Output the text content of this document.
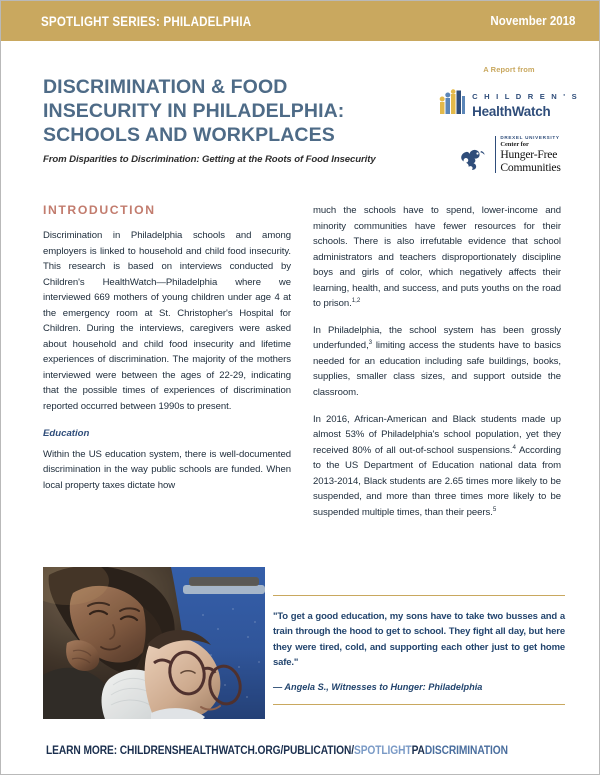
SPOTLIGHT SERIES: PHILADELPHIA	November 2018
DISCRIMINATION & FOOD INSECURITY IN PHILADELPHIA: SCHOOLS AND WORKPLACES
From Disparities to Discrimination: Getting at the Roots of Food Insecurity
A Report from
C H I L D R E N ' S
HealthWatch
DREXEL UNIVERSITY
Center for
Hunger-Free
Communities
INTRODUCTION

Discrimination in Philadelphia schools and among employers is linked to household and child food insecurity. This research is based on interviews conducted by Children's HealthWatch—Philadelphia where we interviewed 669 mothers of young children under age 4 at the emergency room at St. Christopher's Hospital for Children. During the interviews, caregivers were asked about household and child food insecurity and lifetime experiences of discrimination. The majority of the mothers interviewed were between the ages of 22-29, indicating that the possible times of experiences of discrimination reported occurred between 1990s to present.

Education

Within the US education system, there is well-documented discrimination in the way public schools are funded. When local property taxes dictate how

much the schools have to spend, lower-income and minority communities have fewer resources for their schools. There is also irrefutable evidence that school administrators and teachers disproportionately discipline boys and girls of color, which negatively affects their learning, health, and success, and puts youths on the road to prison.$^{1,2}$

In Philadelphia, the school system has been grossly underfunded,$^3$ limiting access the students have to basics needed for an education including safe buildings, books, supplies, smaller class sizes, and support outside the classroom.

In 2016, African-American and Black students made up almost 53% of Philadelphia's school population, yet they received 80% of all out-of-school suspensions.$^4$ According to the US Department of Education national data from 2013-2014, Black students are 2.65 times more likely to be suspended, and more than three times more likely to be suspended multiple times, than their peers.$^5$

"To get a good education, my sons have to take two busses and a train through the hood to get to school. They fight all day, but here they were tired, cold, and supporting each other just to get home safe."
— Angela S., Witnesses to Hunger: Philadelphia
LEARN MORE: CHILDRENSHEALTHWATCH.ORG/PUBLICATION/SPOTLIGHTPADISCRIMINATION
